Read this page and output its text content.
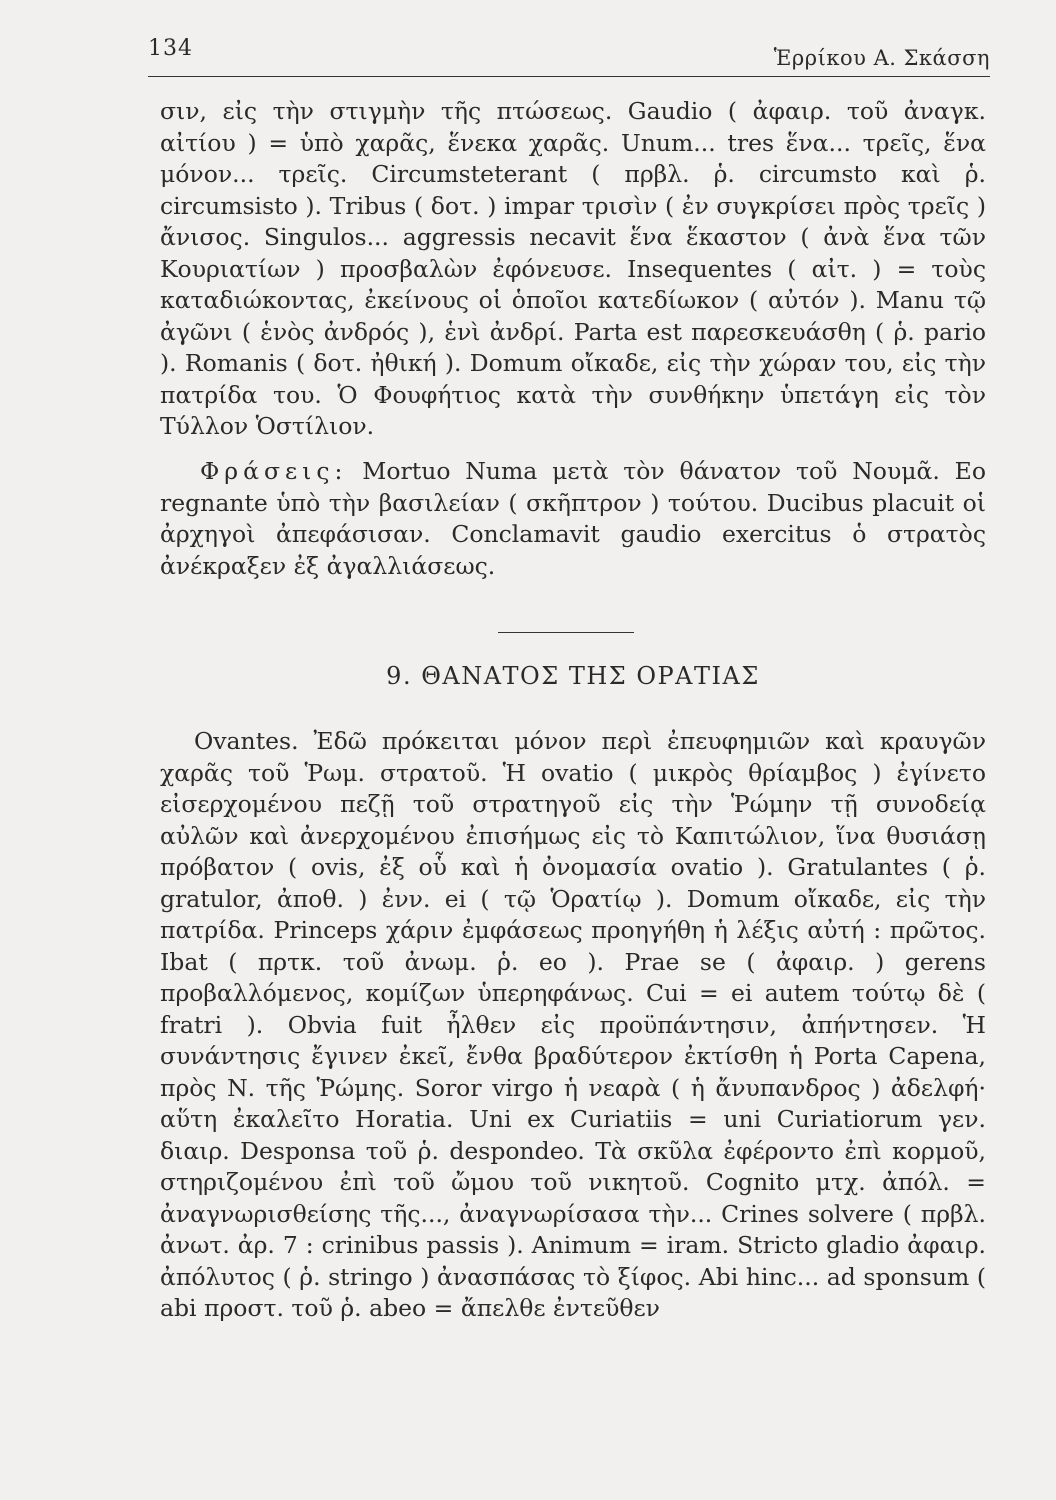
134	Ἑρρίκου Α. Σκάσση

σιν, εἰς τὴν στιγμὴν τῆς πτώσεως. Gaudio ( ἀφαιρ. τοῦ ἀναγκ. αἰτίου ) = ὑπὸ χαρᾶς, ἕνεκα χαρᾶς. Unum... tres ἕνα... τρεῖς, ἕνα μόνον... τρεῖς. Circumsteterant ( πρβλ. ῥ. circumsto καὶ ῥ. circumsisto ). Tribus ( δοτ. ) impar τρισὶν ( ἐν συγκρίσει πρὸς τρεῖς ) ἄνισος. Singulos... aggressis necavit ἕνα ἕκαστον ( ἀνὰ ἕνα τῶν Κουριατίων ) προσβαλὼν ἐφόνευσε. Insequentes ( αἰτ. ) = τοὺς καταδιώκοντας, ἐκείνους οἱ ὁποῖοι κατεδίωκον ( αὐτόν ). Manu τῷ ἀγῶνι ( ἑνὸς ἀνδρός ), ἑνὶ ἀνδρί. Parta est παρεσκευάσθη ( ῥ. pario ). Romanis ( δοτ. ἠθική ). Domum οἴκαδε, εἰς τὴν χώραν του, εἰς τὴν πατρίδα του. Ὁ Φουφήτιος κατὰ τὴν συνθήκην ὑπετάγη εἰς τὸν Τύλλον Ὁστίλιον.

Φράσεις: Mortuo Numa μετὰ τὸν θάνατον τοῦ Νουμᾶ. Eo regnante ὑπὸ τὴν βασιλείαν ( σκῆπτρον ) τούτου. Ducibus placuit οἱ ἀρχηγοὶ ἀπεφάσισαν. Conclamavit gaudio exercitus ὁ στρατὸς ἀνέκραξεν ἐξ ἀγαλλιάσεως.

9. ΘΑΝΑΤΟΣ ΤΗΣ ΟΡΑΤΙΑΣ

Ovantes. Ἐδῶ πρόκειται μόνον περὶ ἐπευφημιῶν καὶ κραυγῶν χαρᾶς τοῦ Ῥωμ. στρατοῦ. Ἡ ovatio ( μικρὸς θρίαμβος ) ἐγίνετο εἰσερχομένου πεζῇ τοῦ στρατηγοῦ εἰς τὴν Ῥώμην τῇ συνοδείᾳ αὐλῶν καὶ ἀνερχομένου ἐπισήμως εἰς τὸ Καπιτώλιον, ἵνα θυσιάσῃ πρόβατον ( ovis, ἐξ οὗ καὶ ἡ ὀνομασία ovatio ). Gratulantes ( ῥ. gratulor, ἀποθ. ) ἐνν. ei ( τῷ Ὁρατίῳ ). Domum οἴκαδε, εἰς τὴν πατρίδα. Princeps χάριν ἐμφάσεως προηγήθη ἡ λέξις αὐτή : πρῶτος. Ibat ( πρτκ. τοῦ ἀνωμ. ῥ. eo ). Prae se ( ἀφαιρ. ) gerens προβαλλόμενος, κομίζων ὑπερηφάνως. Cui = ei autem τούτῳ δὲ ( fratri ). Obvia fuit ἦλθεν εἰς προϋπάντησιν, ἀπήντησεν. Ἡ συνάντησις ἔγινεν ἐκεῖ, ἔνθα βραδύτερον ἐκτίσθη ἡ Porta Capena, πρὸς Ν. τῆς Ῥώμης. Soror virgo ἡ νεαρὰ ( ἡ ἄνυπανδρος ) ἀδελφή· αὕτη ἐκαλεῖτο Horatia. Uni ex Curiatiis = uni Curiatiorum γεν. διαιρ. Desponsa τοῦ ῥ. despondeo. Τὰ σκῦλα ἐφέροντο ἐπὶ κορμοῦ, στηριζομένου ἐπὶ τοῦ ὤμου τοῦ νικητοῦ. Cognito μτχ. ἀπόλ. = ἀναγνωρισθείσης τῆς..., ἀναγνωρίσασα τὴν... Crines solvere ( πρβλ. ἀνωτ. ἀρ. 7 : crinibus passis ). Animum = iram. Stricto gladio ἀφαιρ. ἀπόλυτος ( ῥ. stringo ) ἀνασπάσας τὸ ξίφος. Abi hinc... ad sponsum ( abi προστ. τοῦ ῥ. abeo = ἄπελθε ἐντεῦθεν
